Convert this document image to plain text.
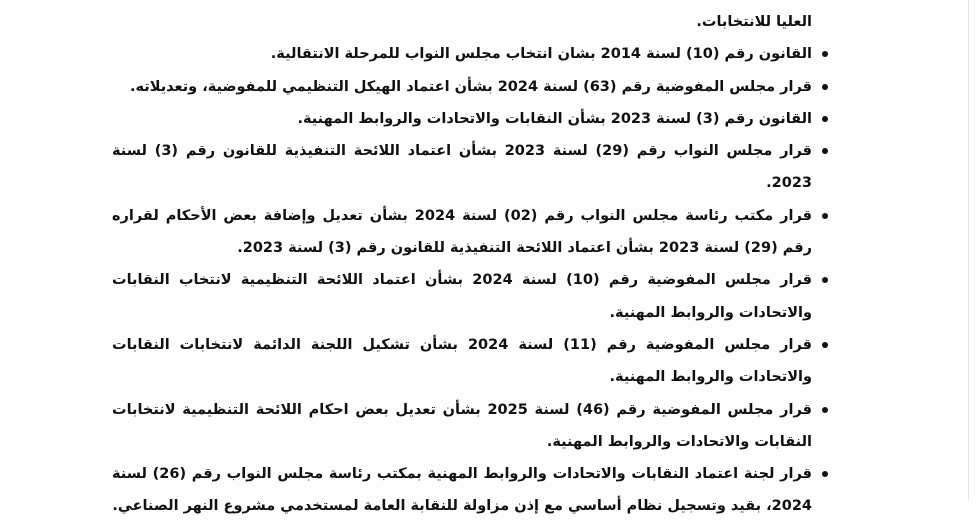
العليا للانتخابات.

القانون رقم (10) لسنة 2014 بشان انتخاب مجلس النواب للمرحلة الانتقالية.
قرار مجلس المفوضية رقم (63) لسنة 2024 بشأن اعتماد الهيكل التنظيمي للمفوضية، وتعديلاته.
القانون رقم (3) لسنة 2023 بشأن النقابات والاتحادات والروابط المهنية.
قرار مجلس النواب رقم (29) لسنة 2023 بشأن اعتماد اللائحة التنفيذية للقانون رقم (3) لسنة 2023.
قرار مكتب رئاسة مجلس النواب رقم (02) لسنة 2024 بشأن تعديل وإضافة بعض الأحكام لقراره رقم (29) لسنة 2023 بشأن اعتماد اللائحة التنفيذية للقانون رقم (3) لسنة 2023.
قرار مجلس المفوضية رقم (10) لسنة 2024 بشأن اعتماد اللائحة التنظيمية لانتخاب النقابات والاتحادات والروابط المهنية.
قرار مجلس المفوضية رقم (11) لسنة 2024 بشأن تشكيل اللجنة الدائمة لانتخابات النقابات والاتحادات والروابط المهنية.
قرار مجلس المفوضية رقم (46) لسنة 2025 بشأن تعديل بعض احكام اللائحة التنظيمية لانتخابات النقابات والاتحادات والروابط المهنية.
قرار لجنة اعتماد النقابات والاتحادات والروابط المهنية بمكتب رئاسة مجلس النواب رقم (26) لسنة 2024، بقيد وتسجيل نظام أساسي مع إذن مزاولة للنقابة العامة لمستخدمي مشروع النهر الصناعي.
